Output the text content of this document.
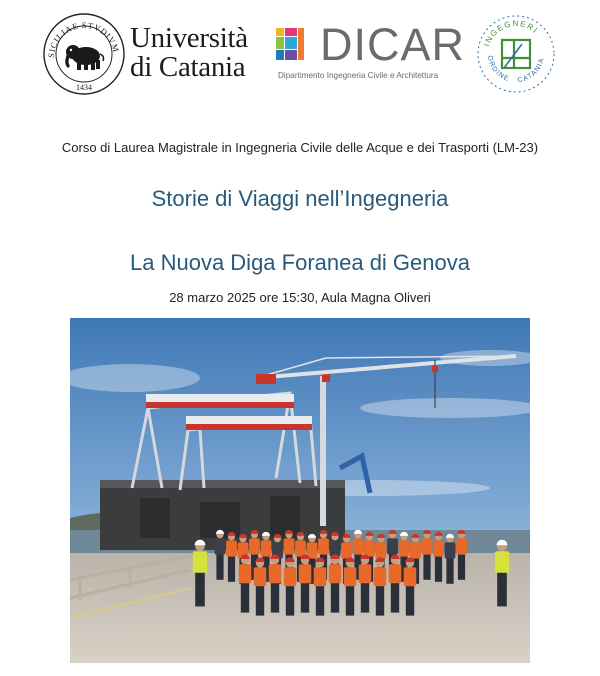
SICILIAE STVDIVM
1434
Università
di Catania DICAR
Dipartimento Ingegneria Civile e Architettura
INGEGNERI
ORDINE CATANIA
Corso di Laurea Magistrale in Ingegneria Civile delle Acque e dei Trasporti (LM-23)
Storie di Viaggi nell’Ingegneria
La Nuova Diga Foranea di Genova
28 marzo 2025 ore 15:30, Aula Magna Oliveri
